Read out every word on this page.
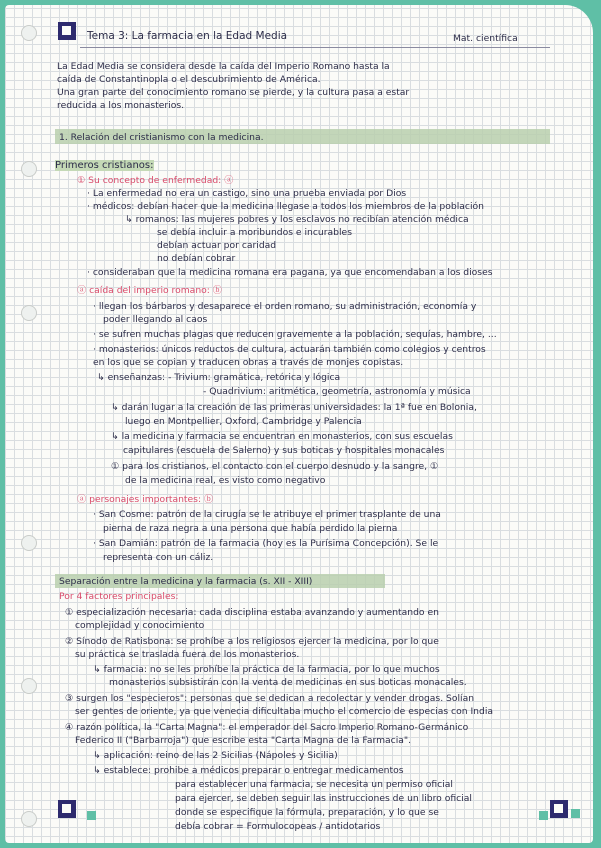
Tema 3: La farmacia en la Edad Media	Mat. científica
La Edad Media se considera desde la caída del Imperio Romano hasta la
caída de Constantinopla o el descubrimiento de América.
Una gran parte del conocimiento romano se pierde, y la cultura pasa a estar
reducida a los monasterios.
1. Relación del cristianismo con la medicina.
Primeros cristianos:
① Su concepto de enfermedad: ⓐ
· La enfermedad no era un castigo, sino una prueba enviada por Dios
· médicos: debían hacer que la medicina llegase a todos los miembros de la población
↳ romanos: las mujeres pobres y los esclavos no recibían atención médica
se debía incluir a moribundos e incurables
debían actuar por caridad
no debían cobrar
· consideraban que la medicina romana era pagana, ya que encomendaban a los dioses
ⓐ caída del imperio romano: ⓑ
· llegan los bárbaros y desaparece el orden romano, su administración, economía y
poder llegando al caos
· se sufren muchas plagas que reducen gravemente a la población, sequías, hambre, ...
· monasterios: únicos reductos de cultura, actuarán también como colegios y centros
en los que se copian y traducen obras a través de monjes copistas.
↳ enseñanzas: - Trivium: gramática, retórica y lógica
- Quadrivium: aritmética, geometría, astronomía y música
↳ darán lugar a la creación de las primeras universidades: la 1ª fue en Bolonia,
luego en Montpellier, Oxford, Cambridge y Palencia
↳ la medicina y farmacia se encuentran en monasterios, con sus escuelas
capitulares (escuela de Salerno) y sus boticas y hospitales monacales
① para los cristianos, el contacto con el cuerpo desnudo y la sangre, ①
de la medicina real, es visto como negativo
ⓐ personajes importantes: ⓑ
· San Cosme: patrón de la cirugía se le atribuye el primer trasplante de una
pierna de raza negra a una persona que había perdido la pierna
· San Damián: patrón de la farmacia (hoy es la Purísima Concepción). Se le
representa con un cáliz.
Separación entre la medicina y la farmacia (s. XII - XIII)
Por 4 factores principales:
① especialización necesaria: cada disciplina estaba avanzando y aumentando en
complejidad y conocimiento
② Sínodo de Ratisbona: se prohíbe a los religiosos ejercer la medicina, por lo que
su práctica se traslada fuera de los monasterios.
↳ farmacia: no se les prohíbe la práctica de la farmacia, por lo que muchos
monasterios subsistirán con la venta de medicinas en sus boticas monacales.
③ surgen los "especieros": personas que se dedican a recolectar y vender drogas. Solían
ser gentes de oriente, ya que venecia dificultaba mucho el comercio de especias con India
④ razón política, la "Carta Magna": el emperador del Sacro Imperio Romano-Germánico
Federico II ("Barbarroja") que escribe esta "Carta Magna de la Farmacia".
↳ aplicación: reino de las 2 Sicilias (Nápoles y Sicilia)
↳ establece: prohibe a médicos preparar o entregar medicamentos
para establecer una farmacia, se necesita un permiso oficial
para ejercer, se deben seguir las instrucciones de un libro oficial
donde se especifique la fórmula, preparación, y lo que se
debía cobrar = Formulocopeas / antidotarios
